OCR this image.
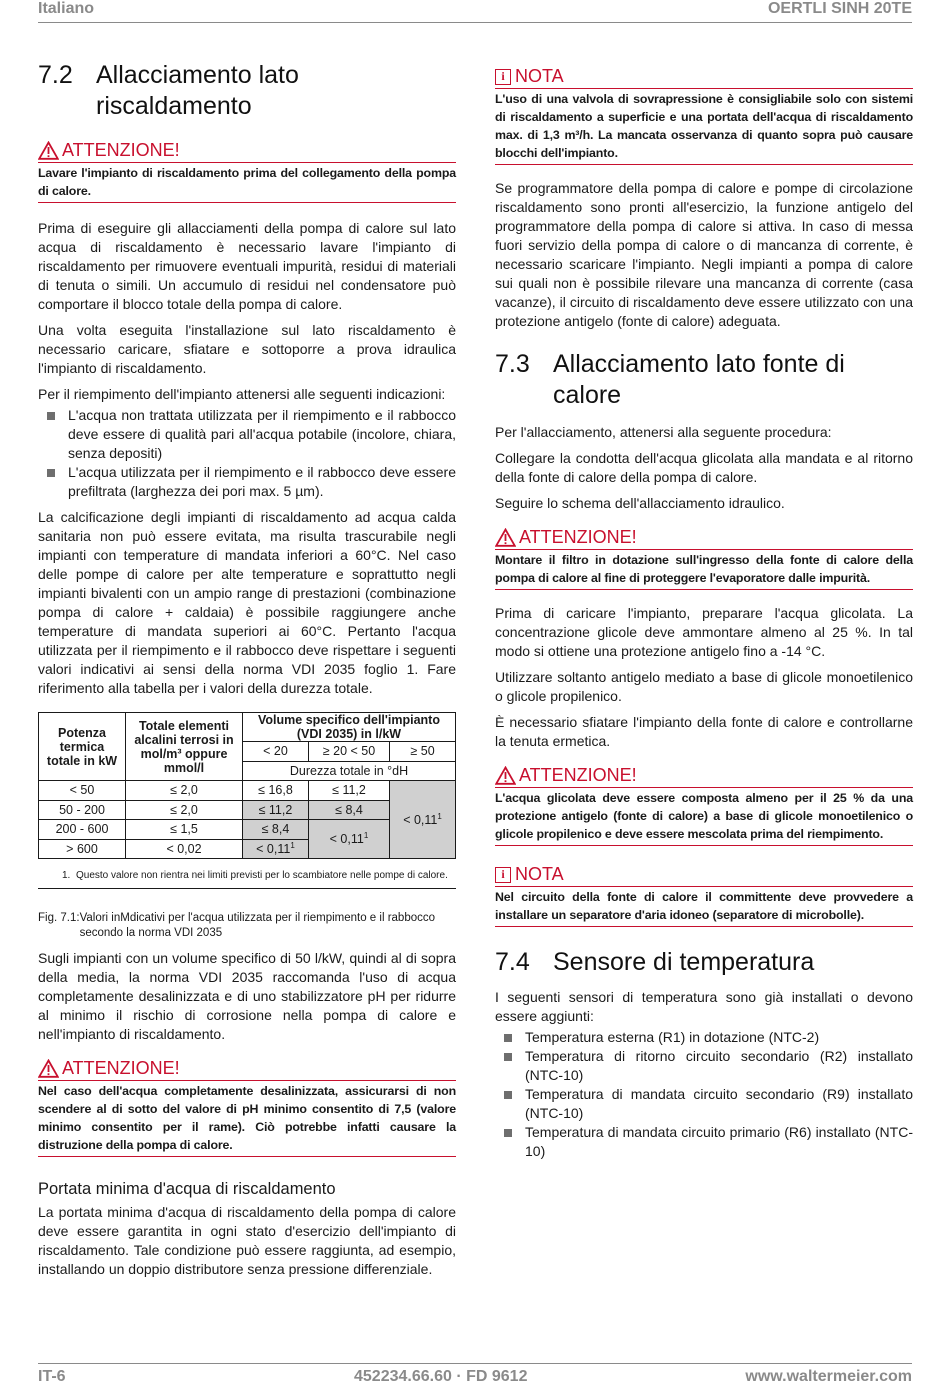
Italiano	OERTLI SINH 20TE
7.2 Allacciamento lato riscaldamento
ATTENZIONE!
Lavare l'impianto di riscaldamento prima del collegamento della pompa di calore.

Prima di eseguire gli allacciamenti della pompa di calore sul lato acqua di riscaldamento è necessario lavare l'impianto di riscaldamento per rimuovere eventuali impurità, residui di materiali di tenuta o simili. Un accumulo di residui nel condensatore può comportare il blocco totale della pompa di calore.

Una volta eseguita l'installazione sul lato riscaldamento è necessario caricare, sfiatare e sottoporre a prova idraulica l'impianto di riscaldamento.

Per il riempimento dell'impianto attenersi alle seguenti indicazioni:

L'acqua non trattata utilizzata per il riempimento e il rabbocco deve essere di qualità pari all'acqua potabile (incolore, chiara, senza depositi)
L'acqua utilizzata per il riempimento e il rabbocco deve essere prefiltrata (larghezza dei pori max. 5 µm).

La calcificazione degli impianti di riscaldamento ad acqua calda sanitaria non può essere evitata, ma risulta trascurabile negli impianti con temperature di mandata inferiori a 60°C. Nel caso delle pompe di calore per alte temperature e soprattutto negli impianti bivalenti con un ampio range di prestazioni (combinazione pompa di calore + caldaia) è possibile raggiungere anche temperature di mandata superiori ai 60°C. Pertanto l'acqua utilizzata per il riempimento e il rabbocco deve rispettare i seguenti valori indicativi ai sensi della norma VDI 2035 foglio 1. Fare riferimento alla tabella per i valori della durezza totale.

Potenza termica totale in kW	Totale elementi alcalini terrosi in mol/m³ oppure mmol/l	Volume specifico dell'impianto (VDI 2035) in l/kW		
		< 20	≥ 20 < 50	≥ 50
		Durezza totale in °dH		
< 50	≤ 2,0	≤ 16,8	≤ 11,2	< $0,11^1$
50 - 200	≤ 2,0	≤ 11,2	≤ 8,4	
200 - 600	≤ 1,5	≤ 8,4	< $0,11^1$
> 600	< 0,02	< $0,11^1$
1. Questo valore non rientra nei limiti previsti per lo scambiatore nelle pompe di calore.
Fig. 7.1: Valori inMdicativi per l'acqua utilizzata per il riempimento e il rabbocco secondo la norma VDI 2035

Sugli impianti con un volume specifico di 50 l/kW, quindi al di sopra della media, la norma VDI 2035 raccomanda l'uso di acqua completamente desalinizzata e di uno stabilizzatore pH per ridurre al minimo il rischio di corrosione nella pompa di calore e nell'impianto di riscaldamento.

ATTENZIONE!
Nel caso dell'acqua completamente desalinizzata, assicurarsi di non scendere al di sotto del valore di pH minimo consentito di 7,5 (valore minimo consentito per il rame). Ciò potrebbe infatti causare la distruzione della pompa di calore.
Portata minima d'acqua di riscaldamento

La portata minima d'acqua di riscaldamento della pompa di calore deve essere garantita in ogni stato d'esercizio dell'impianto di riscaldamento. Tale condizione può essere raggiunta, ad esempio, installando un doppio distributore senza pressione differenziale.

i NOTA
L'uso di una valvola di sovrapressione è consigliabile solo con sistemi di riscaldamento a superficie e una portata dell'acqua di riscaldamento max. di 1,3 m³/h. La mancata osservanza di quanto sopra può causare blocchi dell'impianto.

Se programmatore della pompa di calore e pompe di circolazione riscaldamento sono pronti all'esercizio, la funzione antigelo del programmatore della pompa di calore si attiva. In caso di messa fuori servizio della pompa di calore o di mancanza di corrente, è necessario scaricare l'impianto. Negli impianti a pompa di calore sui quali non è possibile rilevare una mancanza di corrente (casa vacanze), il circuito di riscaldamento deve essere utilizzato con una protezione antigelo (fonte di calore) adeguata.

7.3 Allacciamento lato fonte di calore

Per l'allacciamento, attenersi alla seguente procedura:

Collegare la condotta dell'acqua glicolata alla mandata e al ritorno della fonte di calore della pompa di calore.

Seguire lo schema dell'allacciamento idraulico.

ATTENZIONE!
Montare il filtro in dotazione sull'ingresso della fonte di calore della pompa di calore al fine di proteggere l'evaporatore dalle impurità.

Prima di caricare l'impianto, preparare l'acqua glicolata. La concentrazione glicole deve ammontare almeno al 25 %. In tal modo si ottiene una protezione antigelo fino a -14 °C.

Utilizzare soltanto antigelo mediato a base di glicole monoetilenico o glicole propilenico.

È necessario sfiatare l'impianto della fonte di calore e controllarne la tenuta ermetica.

ATTENZIONE!
L'acqua glicolata deve essere composta almeno per il 25 % da una protezione antigelo (fonte di calore) a base di glicole monoetilenico o glicole propilenico e deve essere mescolata prima del riempimento.
i NOTA
Nel circuito della fonte di calore il committente deve provvedere a installare un separatore d'aria idoneo (separatore di microbolle).
7.4 Sensore di temperatura

I seguenti sensori di temperatura sono già installati o devono essere aggiunti:

Temperatura esterna (R1) in dotazione (NTC-2)
Temperatura di ritorno circuito secondario (R2) installato (NTC-10)
Temperatura di mandata circuito secondario (R9) installato (NTC-10)
Temperatura di mandata circuito primario (R6) installato (NTC-10)
IT-6	452234.66.60 · FD 9612	www.waltermeier.com
